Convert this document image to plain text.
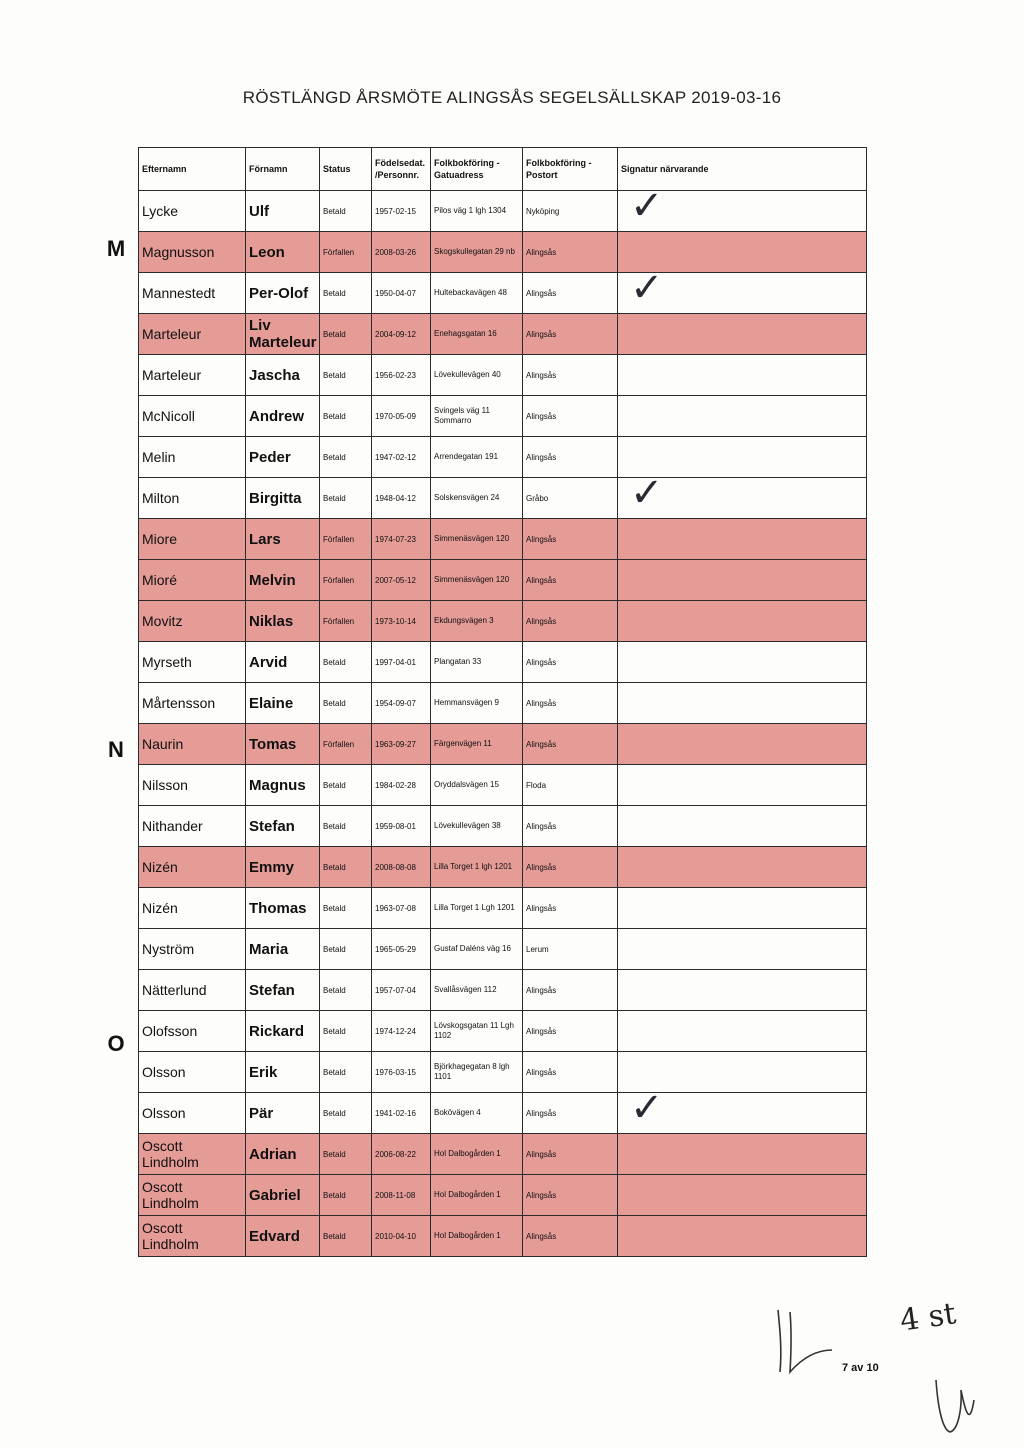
RÖSTLÄNGD ÅRSMÖTE ALINGSÅS SEGELSÄLLSKAP 2019-03-16
M
N
O
Efternamn	Förnamn	Status	Födelsedat. /Personnr.	Folkbokföring - Gatuadress	Folkbokföring - Postort	Signatur närvarande
Lycke	Ulf	Betald	1957-02-15	Pilos väg 1 lgh 1304	Nyköping	✓

Magnusson	Leon	Förfallen	2008-03-26	Skogskullegatan 29 nb	Alingsås	
Mannestedt	Per-Olof	Betald	1950-04-07	Hultebackavägen 48	Alingsås	✓

Marteleur	Liv Marteleur	Betald	2004-09-12	Enehagsgatan 16	Alingsås	
Marteleur	Jascha	Betald	1956-02-23	Lövekullevägen 40	Alingsås	
McNicoll	Andrew	Betald	1970-05-09	Svingels väg 11 Sommarro	Alingsås	
Melin	Peder	Betald	1947-02-12	Arrendegatan 191	Alingsås	
Milton	Birgitta	Betald	1948-04-12	Solskensvägen 24	Gråbo	✓

Miore	Lars	Förfallen	1974-07-23	Simmenäsvägen 120	Alingsås	
Mioré	Melvin	Förfallen	2007-05-12	Simmenäsvägen 120	Alingsås	
Movitz	Niklas	Förfallen	1973-10-14	Ekdungsvägen 3	Alingsås	
Myrseth	Arvid	Betald	1997-04-01	Plangatan 33	Alingsås	
Mårtensson	Elaine	Betald	1954-09-07	Hemmansvägen 9	Alingsås	
Naurin	Tomas	Förfallen	1963-09-27	Färgenvägen 11	Alingsås	
Nilsson	Magnus	Betald	1984-02-28	Oryddalsvägen 15	Floda	
Nithander	Stefan	Betald	1959-08-01	Lövekullevägen 38	Alingsås	
Nizén	Emmy	Betald	2008-08-08	Lilla Torget 1 lgh 1201	Alingsås	
Nizén	Thomas	Betald	1963-07-08	Lilla Torget 1 Lgh 1201	Alingsås	
Nyström	Maria	Betald	1965-05-29	Gustaf Daléns väg 16	Lerum	
Nätterlund	Stefan	Betald	1957-07-04	Svallåsvägen 112	Alingsås	
Olofsson	Rickard	Betald	1974-12-24	Lövskogsgatan 11 Lgh 1102	Alingsås	
Olsson	Erik	Betald	1976-03-15	Björkhagegatan 8 lgh 1101	Alingsås	
Olsson	Pär	Betald	1941-02-16	Bokövägen 4	Alingsås	✓

Oscott Lindholm	Adrian	Betald	2006-08-22	Hol Dalbogården 1	Alingsås	
Oscott Lindholm	Gabriel	Betald	2008-11-08	Hol Dalbogården 1	Alingsås	
Oscott Lindholm	Edvard	Betald	2010-04-10	Hol Dalbogården 1	Alingsås	
7 av 10
4 st
